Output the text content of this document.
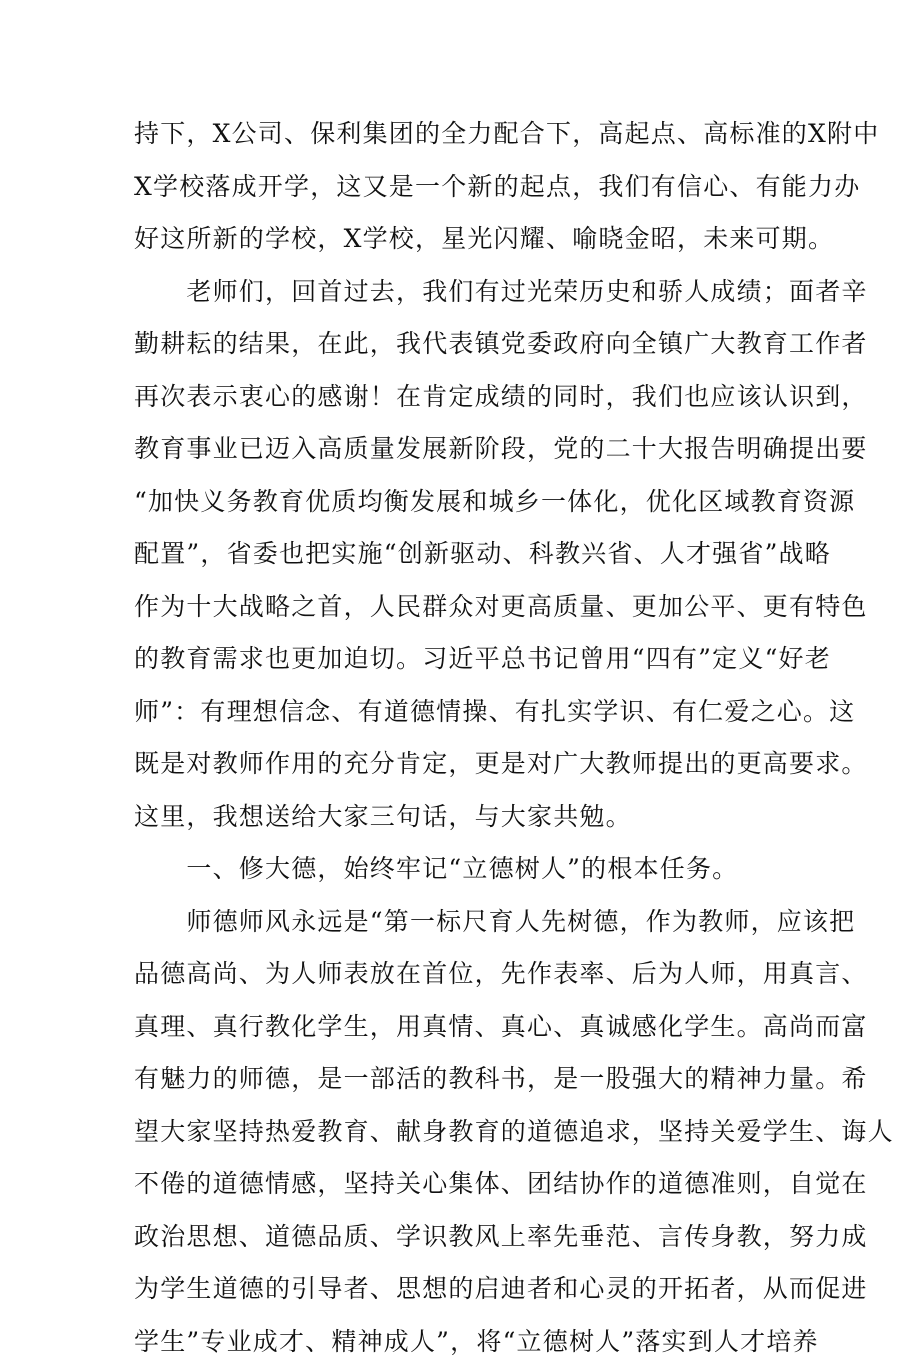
持下，X公司、保利集团的全力配合下，高起点、高标准的X附中
X学校落成开学，这又是一个新的起点，我们有信心、有能力办
好这所新的学校，X学校，星光闪耀、喻晓金昭，未来可期。
　　老师们，回首过去，我们有过光荣历史和骄人成绩；面者辛
勤耕耘的结果，在此，我代表镇党委政府向全镇广大教育工作者
再次表示衷心的感谢！在肯定成绩的同时，我们也应该认识到，
教育事业已迈入高质量发展新阶段，党的二十大报告明确提出要
“加快义务教育优质均衡发展和城乡一体化，优化区域教育资源
配置”，省委也把实施“创新驱动、科教兴省、人才强省”战略
作为十大战略之首，人民群众对更高质量、更加公平、更有特色
的教育需求也更加迫切。习近平总书记曾用“四有”定义“好老
师”：有理想信念、有道德情操、有扎实学识、有仁爱之心。这
既是对教师作用的充分肯定，更是对广大教师提出的更高要求。
这里，我想送给大家三句话，与大家共勉。
　　一、修大德，始终牢记“立德树人”的根本任务。
　　师德师风永远是“第一标尺育人先树德，作为教师，应该把
品德高尚、为人师表放在首位，先作表率、后为人师，用真言、
真理、真行教化学生，用真情、真心、真诚感化学生。高尚而富
有魅力的师德，是一部活的教科书，是一股强大的精神力量。希
望大家坚持热爱教育、献身教育的道德追求，坚持关爱学生、诲人
不倦的道德情感，坚持关心集体、团结协作的道德准则，自觉在
政治思想、道德品质、学识教风上率先垂范、言传身教，努力成
为学生道德的引导者、思想的启迪者和心灵的开拓者，从而促进
学生”专业成才、精神成人”，将“立德树人”落实到人才培养
